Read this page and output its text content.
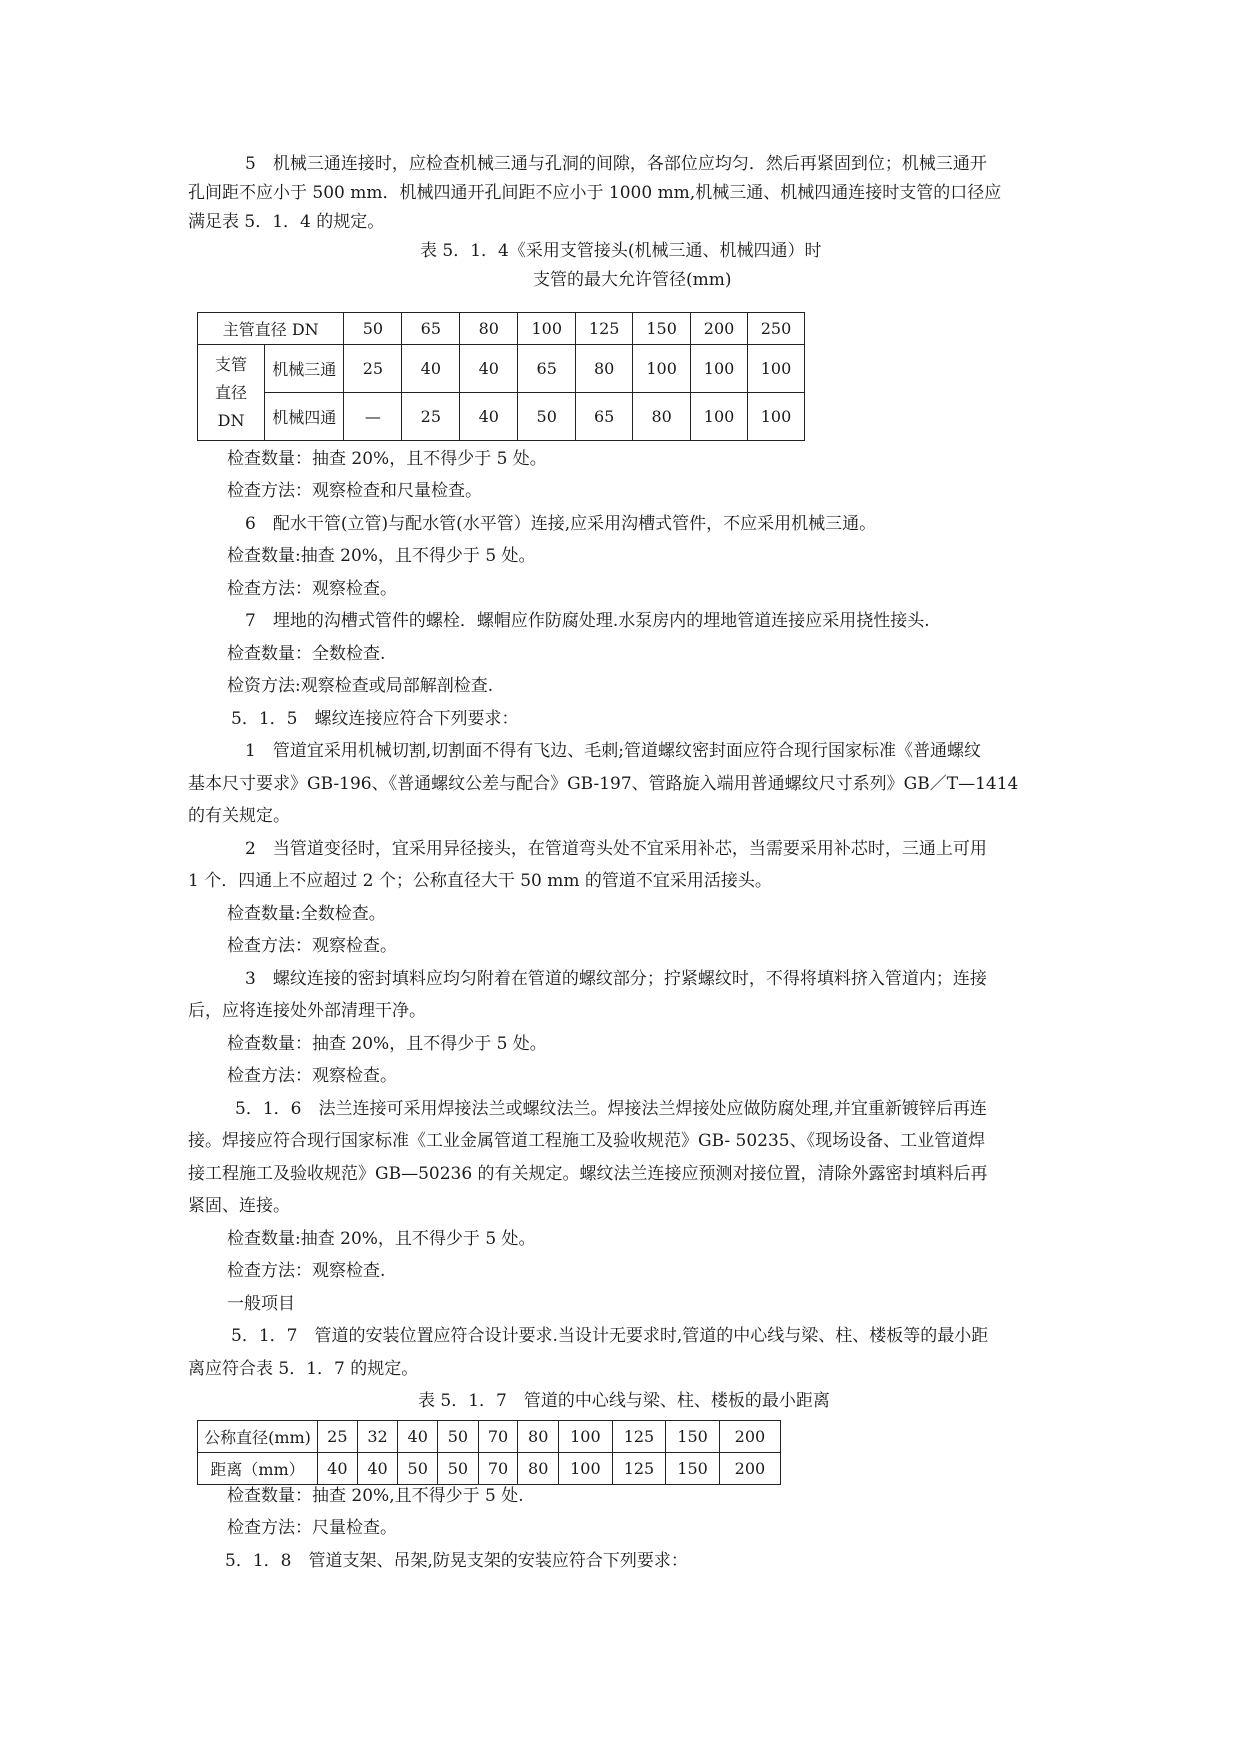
5　机械三通连接时，应检查机械三通与孔洞的间隙，各部位应均匀．然后再紧固到位；机械三通开
孔间距不应小于 500 mm．机械四通开孔间距不应小于 1000 mm,机械三通、机械四通连接时支管的口径应
满足表 5．1．4 的规定。
表 5．1．4《采用支管接头(机械三通、机械四通）时
支管的最大允许管径(mm)
主管直径 DN		50	65	80	100	125	150	200	250
支管
直径
DN	机械三通	25	40	40	65	80	100	100	100
	机械四通	—	25	40	50	65	80	100	100
检查数量：抽查 20%，且不得少于 5 处。
检查方法：观察检查和尺量检查。
6　配水干管(立管)与配水管(水平管）连接,应采用沟槽式管件，不应采用机械三通。
检查数量:抽查 20%，且不得少于 5 处。
检查方法：观察检查。
7　埋地的沟槽式管件的螺栓．螺帽应作防腐处理.水泵房内的埋地管道连接应采用挠性接头.
检查数量：全数检查.
检资方法:观察检查或局部解剖检查.
5．1．5　螺纹连接应符合下列要求：
1　管道宜采用机械切割,切割面不得有飞边、毛刺;管道螺纹密封面应符合现行国家标准《普通螺纹
基本尺寸要求》GB-196、《普通螺纹公差与配合》GB-197、管路旋入端用普通螺纹尺寸系列》GB／T—1414
的有关规定。
2　当管道变径时，宜采用异径接头，在管道弯头处不宜采用补芯，当需要采用补芯时，三通上可用
1 个．四通上不应超过 2 个；公称直径大干 50 mm 的管道不宜采用活接头。
检查数量:全数检查。
检查方法：观察检查。
3　螺纹连接的密封填料应均匀附着在管道的螺纹部分；拧紧螺纹时，不得将填料挤入管道内；连接
后，应将连接处外部清理干净。
检查数量：抽查 20%，且不得少于 5 处。
检查方法：观察检查。
5．1．6　法兰连接可采用焊接法兰或螺纹法兰。焊接法兰焊接处应做防腐处理,并宜重新镀锌后再连
接。焊接应符合现行国家标准《工业金属管道工程施工及验收规范》GB- 50235、《现场设备、工业管道焊
接工程施工及验收规范》GB—50236 的有关规定。螺纹法兰连接应预测对接位置，清除外露密封填料后再
紧固、连接。
检查数量:抽查 20%，且不得少于 5 处。
检查方法：观察检查.
一般项目
5．1．7　管道的安装位置应符合设计要求.当设计无要求时,管道的中心线与梁、柱、楼板等的最小距
离应符合表 5．1．7 的规定。
表 5．1．7　管道的中心线与梁、柱、楼板的最小距离
公称直径(mm)	25	32	40	50	70	80	100	125	150	200
距离（mm）	40	40	50	50	70	80	100	125	150	200
检查数量：抽查 20%,且不得少于 5 处.
检查方法：尺量检查。
5．1．8　管道支架、吊架,防晃支架的安装应符合下列要求：
